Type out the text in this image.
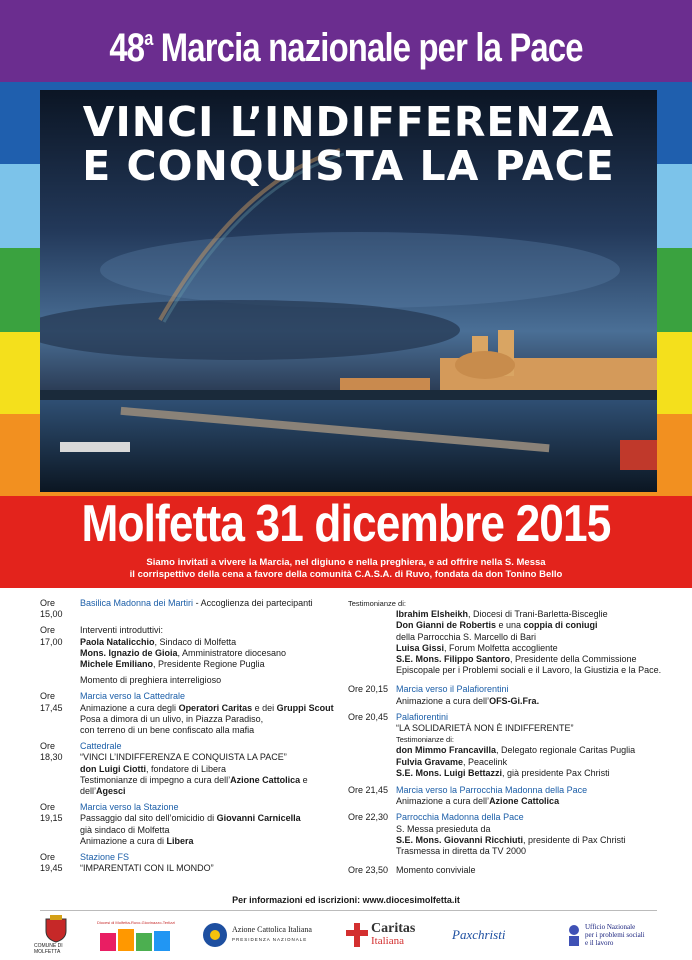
48$^a$ Marcia nazionale per la Pace
VINCI L’INDIFFERENZA
E CONQUISTA LA PACE
Molfetta 31 dicembre 2015
Siamo invitati a vivere la Marcia, nel digiuno e nella preghiera, e ad offrire nella S. Messa
il corrispettivo della cena a favore della comunità C.A.S.A. di Ruvo, fondata da don Tonino Bello
Ore 15,00
Basilica Madonna dei Martiri - Accoglienza dei partecipanti
Ore 17,00
Interventi introduttivi:
Paola Natalicchio, Sindaco di Molfetta
Mons. Ignazio de Gioia, Amministratore diocesano
Michele Emiliano, Presidente Regione Puglia
Momento di preghiera interreligioso
Ore 17,45
Marcia verso la Cattedrale
Animazione a cura degli Operatori Caritas e dei Gruppi Scout
Posa a dimora di un ulivo, in Piazza Paradiso,
con terreno di un bene confiscato alla mafia
Ore 18,30
Cattedrale
“VINCI L’INDIFFERENZA E CONQUISTA LA PACE”
don Luigi Ciotti, fondatore di Libera
Testimonianze di impegno a cura dell’Azione Cattolica e dell’Agesci
Ore 19,15
Marcia verso la Stazione
Passaggio dal sito dell’omicidio di Giovanni Carnicella
già sindaco di Molfetta
Animazione a cura di Libera
Ore 19,45
Stazione FS
“IMPARENTATI CON IL MONDO”
Testimonianze di:
Ibrahim Elsheikh, Diocesi di Trani-Barletta-Bisceglie
Don Gianni de Robertis e una coppia di coniugi
della Parrocchia S. Marcello di Bari
Luisa Gissi, Forum Molfetta accogliente
S.E. Mons. Filippo Santoro, Presidente della Commissione
Episcopale per i Problemi sociali e il Lavoro, la Giustizia e la Pace.
Ore 20,15 Marcia verso il Palafiorentini
Animazione a cura dell’OFS-Gi.Fra.
Ore 20,45 Palafiorentini
“LA SOLIDARIETÀ NON È INDIFFERENTE”
Testimonianze di:
don Mimmo Francavilla, Delegato regionale Caritas Puglia
Fulvia Gravame, Peacelink
S.E. Mons. Luigi Bettazzi, già presidente Pax Christi
Ore 21,45 Marcia verso la Parrocchia Madonna della Pace
Animazione a cura dell’Azione Cattolica
Ore 22,30 Parrocchia Madonna della Pace
S. Messa presieduta da
S.E. Mons. Giovanni Ricchiuti, presidente di Pax Christi
Trasmessa in diretta da TV 2000
Ore 23,50 Momento conviviale
Per informazioni ed iscrizioni: www.diocesimolfetta.it
COMUNE DI MOLFETTA
Diocesi di Molfetta-Ruvo-Giovinazzo-Terlizzi
Azione Cattolica Italiana
PRESIDENZA NAZIONALE
Caritas
Italiana	Paxchristi	Ufficio Nazionale
per i problemi sociali
e il lavoro
